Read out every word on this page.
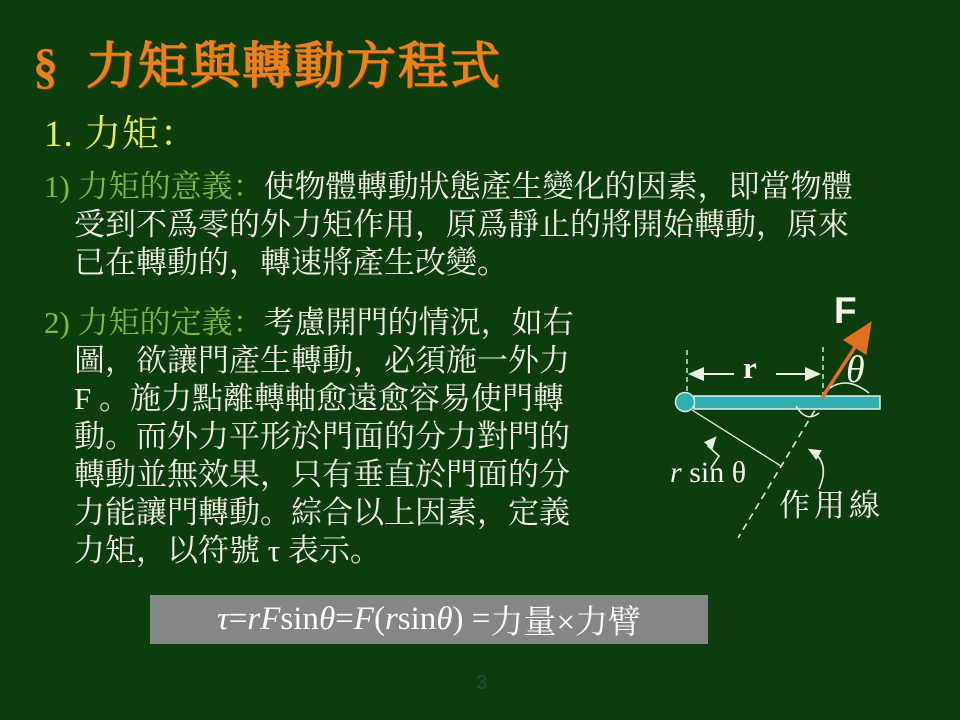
§ 力矩與轉動方程式
1. 力矩：
1) 力矩的意義：使物體轉動狀態產生變化的因素，即當物體
受到不爲零的外力矩作用，原爲靜止的將開始轉動，原來
已在轉動的，轉速將產生改變。
2) 力矩的定義：考慮開門的情況，如右
圖，欲讓門產生轉動，必須施一外力
F 。施力點離轉軸愈遠愈容易使門轉
動。而外力平形於門面的分力對門的
轉動並無效果，只有垂直於門面的分
力能讓門轉動。綜合以上因素，定義
力矩，以符號 τ 表示。
F
r θ
r sin θ
作用線
τ = rF sin θ = F ( r sin θ ) = 力量×力臂
3
